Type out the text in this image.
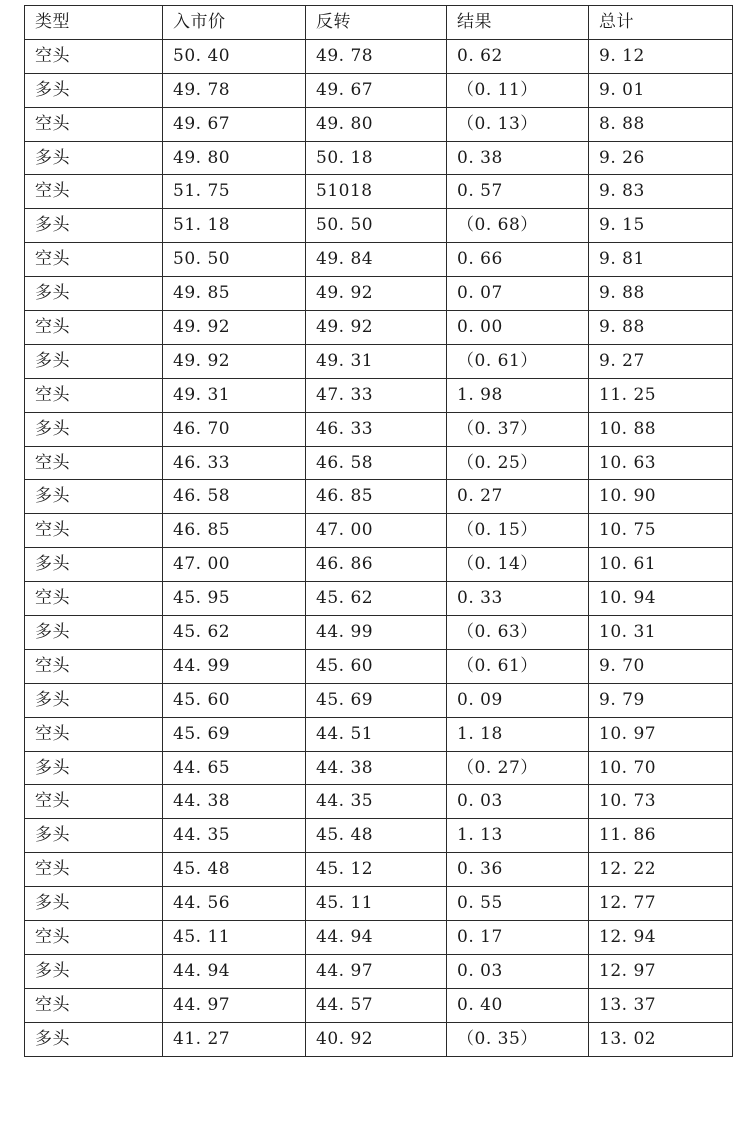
类型	入市价	反转	结果	总计
空头	50. 40	49. 78	0. 62	9. 12
多头	49. 78	49. 67	（0. 11）	9. 01
空头	49. 67	49. 80	（0. 13）	8. 88
多头	49. 80	50. 18	0. 38	9. 26
空头	51. 75	51018	0. 57	9. 83
多头	51. 18	50. 50	（0. 68）	9. 15
空头	50. 50	49. 84	0. 66	9. 81
多头	49. 85	49. 92	0. 07	9. 88
空头	49. 92	49. 92	0. 00	9. 88
多头	49. 92	49. 31	（0. 61）	9. 27
空头	49. 31	47. 33	1. 98	11. 25
多头	46. 70	46. 33	（0. 37）	10. 88
空头	46. 33	46. 58	（0. 25）	10. 63
多头	46. 58	46. 85	0. 27	10. 90
空头	46. 85	47. 00	（0. 15）	10. 75
多头	47. 00	46. 86	（0. 14）	10. 61
空头	45. 95	45. 62	0. 33	10. 94
多头	45. 62	44. 99	（0. 63）	10. 31
空头	44. 99	45. 60	（0. 61）	9. 70
多头	45. 60	45. 69	0. 09	9. 79
空头	45. 69	44. 51	1. 18	10. 97
多头	44. 65	44. 38	（0. 27）	10. 70
空头	44. 38	44. 35	0. 03	10. 73
多头	44. 35	45. 48	1. 13	11. 86
空头	45. 48	45. 12	0. 36	12. 22
多头	44. 56	45. 11	0. 55	12. 77
空头	45. 11	44. 94	0. 17	12. 94
多头	44. 94	44. 97	0. 03	12. 97
空头	44. 97	44. 57	0. 40	13. 37
多头	41. 27	40. 92	（0. 35）	13. 02
